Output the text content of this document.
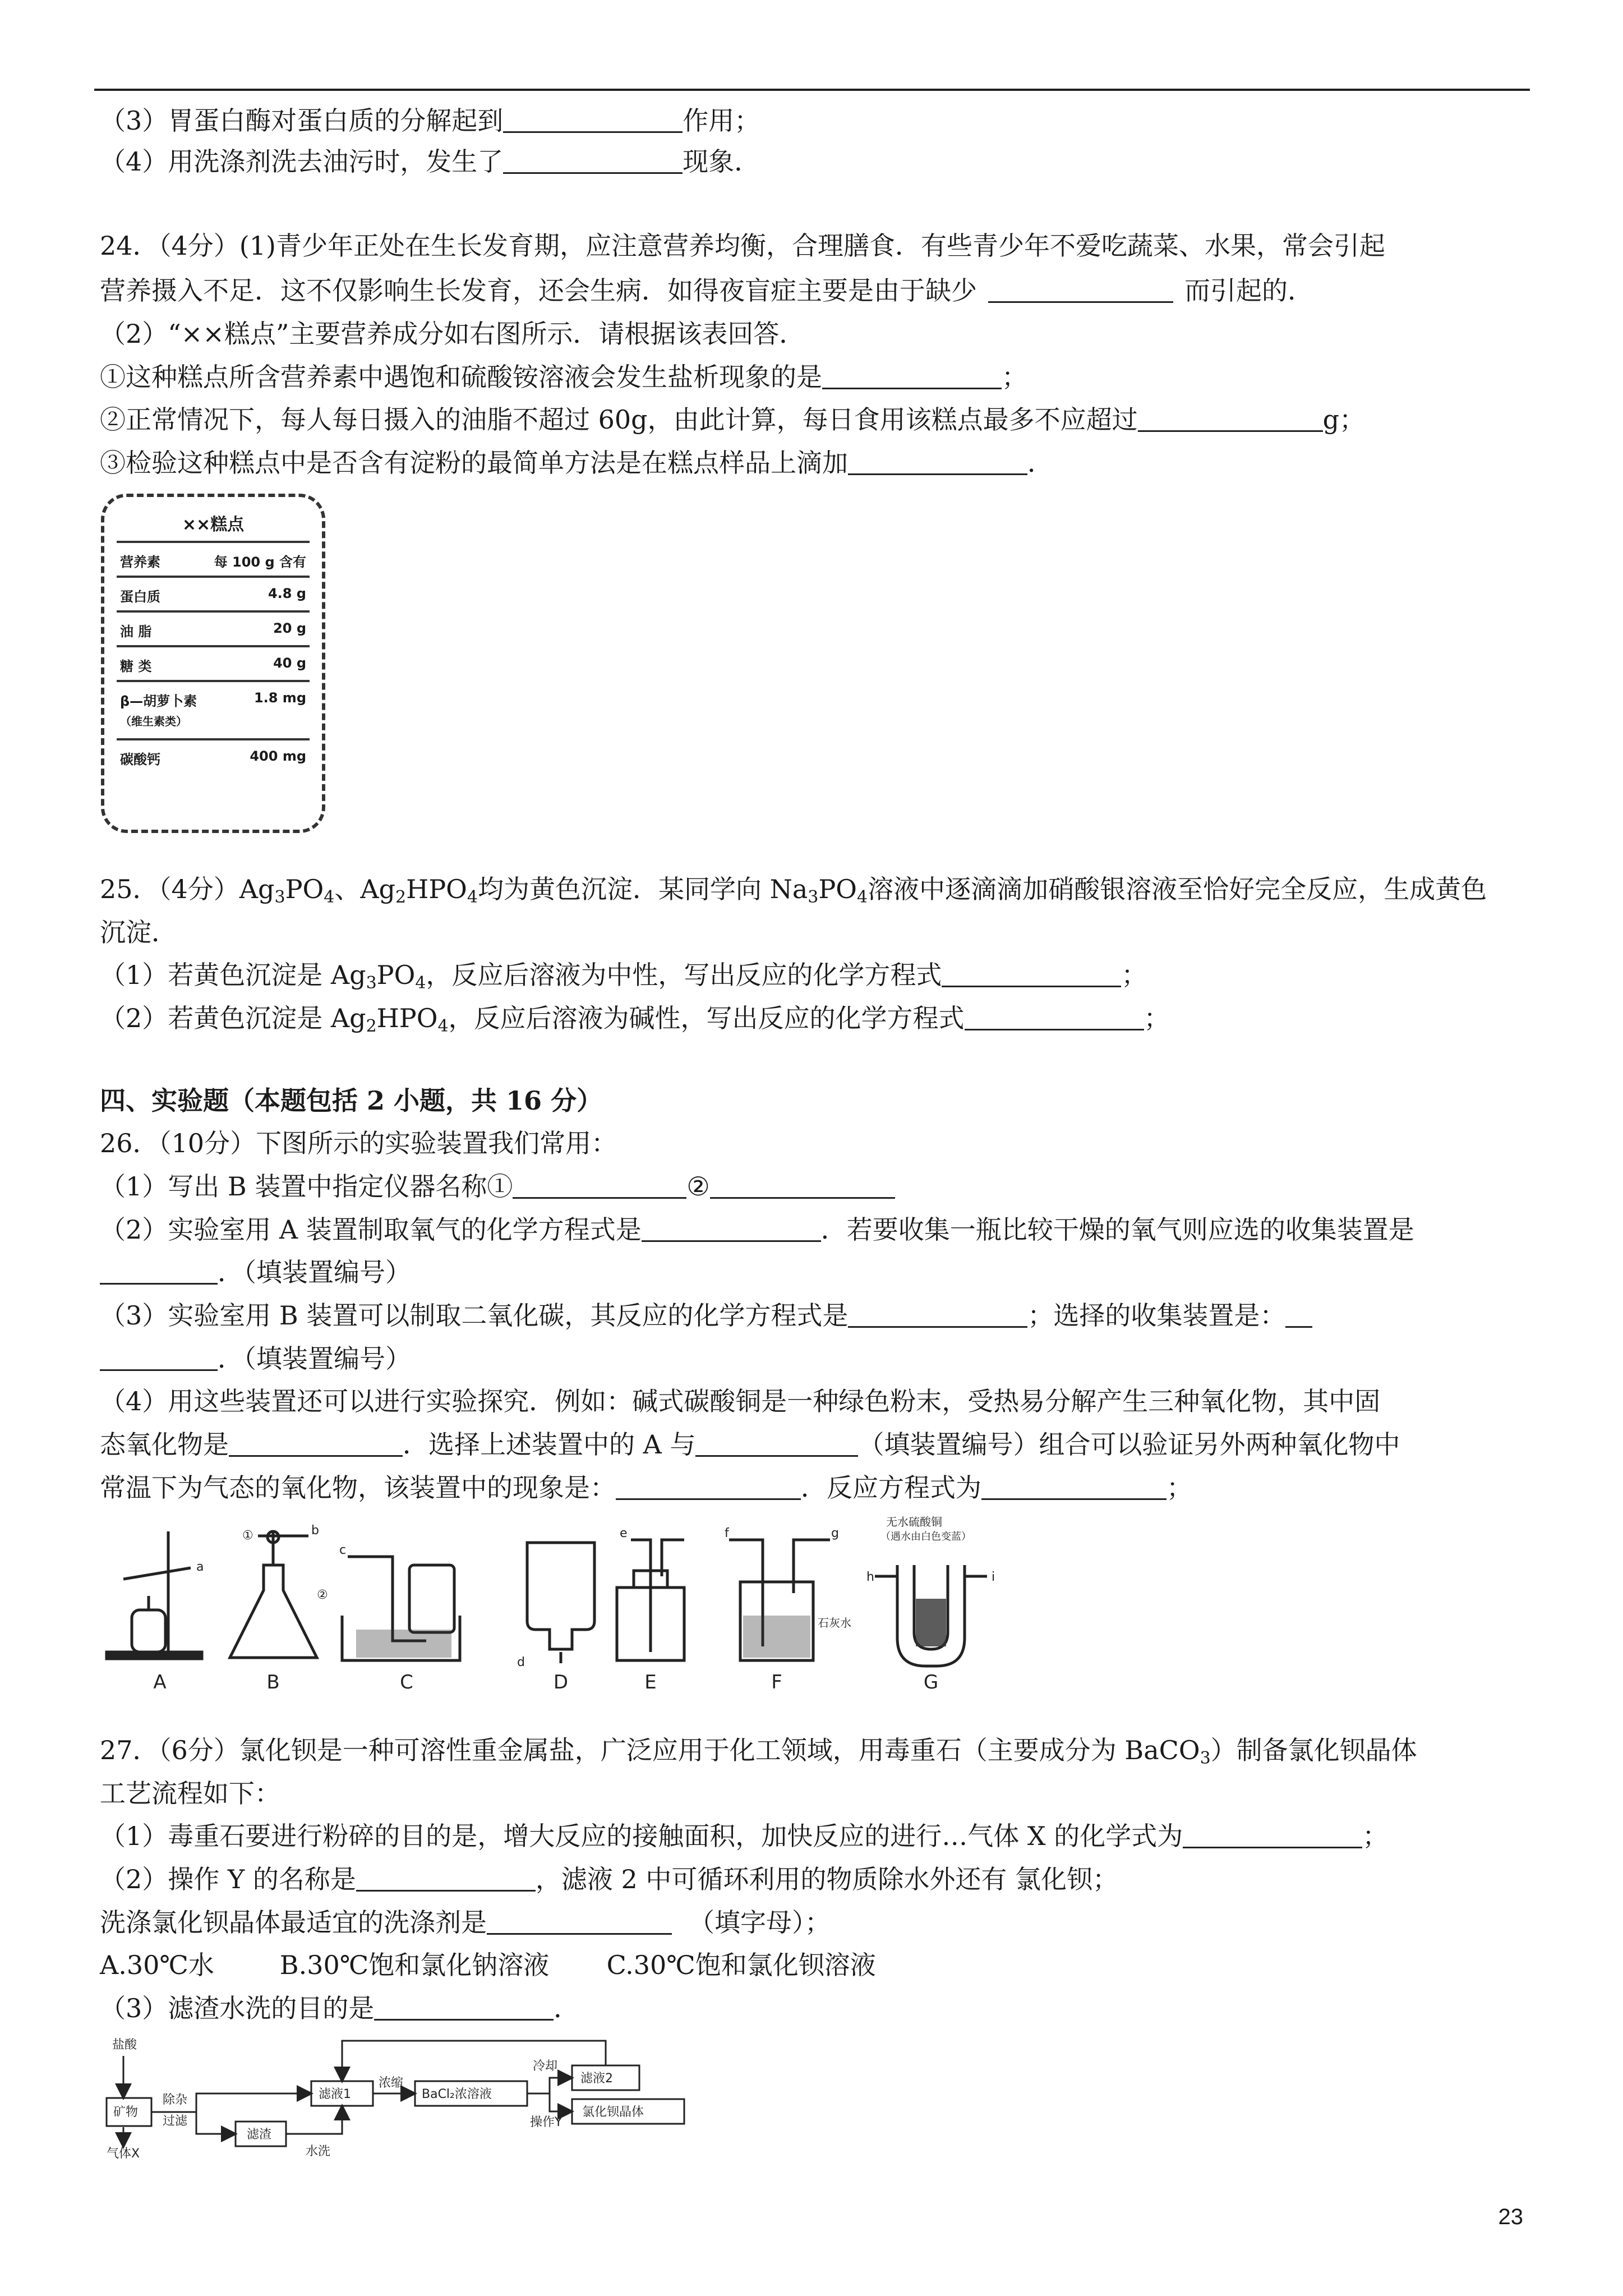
（3）胃蛋白酶对蛋白质的分解起到	作用；
（4）用洗涤剂洗去油污时，发生了	现象．
24．（4分）(1)青少年正处在生长发育期，应注意营养均衡，合理膳食．有些青少年不爱吃蔬菜、水果，常会引起
营养摄入不足．这不仅影响生长发育，还会生病．如得夜盲症主要是由于缺少	而引起的．
（2）“××糕点”主要营养成分如右图所示．请根据该表回答．
①这种糕点所含营养素中遇饱和硫酸铵溶液会发生盐析现象的是	；
②正常情况下，每人每日摄入的油脂不超过 60g，由此计算，每日食用该糕点最多不应超过	g；
③检验这种糕点中是否含有淀粉的最简单方法是在糕点样品上滴加	．
××糕点
营养素	每 100 g 含有
蛋白质	4.8 g
油 脂	20 g
糖 类	40 g
β—胡萝卜素	1.8 mg
（维生素类）
碳酸钙	400 mg
25．（4分）$Ag_3PO_4$、$Ag_2HPO_4$均为黄色沉淀．某同学向 $Na_3PO_4$溶液中逐滴滴加硝酸银溶液至恰好完全反应，生成黄色
沉淀．
（1）若黄色沉淀是 $Ag_3PO_4$，反应后溶液为中性，写出反应的化学方程式	；
（2）若黄色沉淀是 $Ag_2HPO_4$，反应后溶液为碱性，写出反应的化学方程式	；
四、实验题（本题包括 2 小题，共 16 分）
26．（10分）下图所示的实验装置我们常用：
（1）写出 B 装置中指定仪器名称①	②
（2）实验室用 A 装置制取氧气的化学方程式是	．若要收集一瓶比较干燥的氧气则应选的收集装置是
．（填装置编号）
（3）实验室用 B 装置可以制取二氧化碳，其反应的化学方程式是	；选择的收集装置是：
．（填装置编号）
（4）用这些装置还可以进行实验探究．例如：碱式碳酸铜是一种绿色粉末，受热易分解产生三种氧化物，其中固
态氧化物是	．选择上述装置中的 A 与	（填装置编号）组合可以验证另外两种氧化物中
常温下为气态的氧化物，该装置中的现象是：	．反应方程式为	；
A	B	C	D	E	F	G
a
b
c
d
e	f	g
h	i
①
②
石灰水
无水硫酸铜
（遇水由白色变蓝）
27．（6分）氯化钡是一种可溶性重金属盐，广泛应用于化工领域，用毒重石（主要成分为 BaCO$_3$）制备氯化钡晶体
工艺流程如下：
（1）毒重石要进行粉碎的目的是，增大反应的接触面积，加快反应的进行…气体 X 的化学式为	；
（2）操作 Y 的名称是	，滤液 2 中可循环利用的物质除水外还有 氯化钡；
洗涤氯化钡晶体最适宜的洗涤剂是	（填字母）；
A.30℃水        B.30℃饱和氯化钠溶液       C.30℃饱和氯化钡溶液
（3）滤渣水洗的目的是	．
盐酸
矿物
除杂
过滤
滤液1
滤渣
水洗
浓缩
BaCl₂浓溶液
冷却
操作Y
滤液2
氯化钡晶体
气体X
23
